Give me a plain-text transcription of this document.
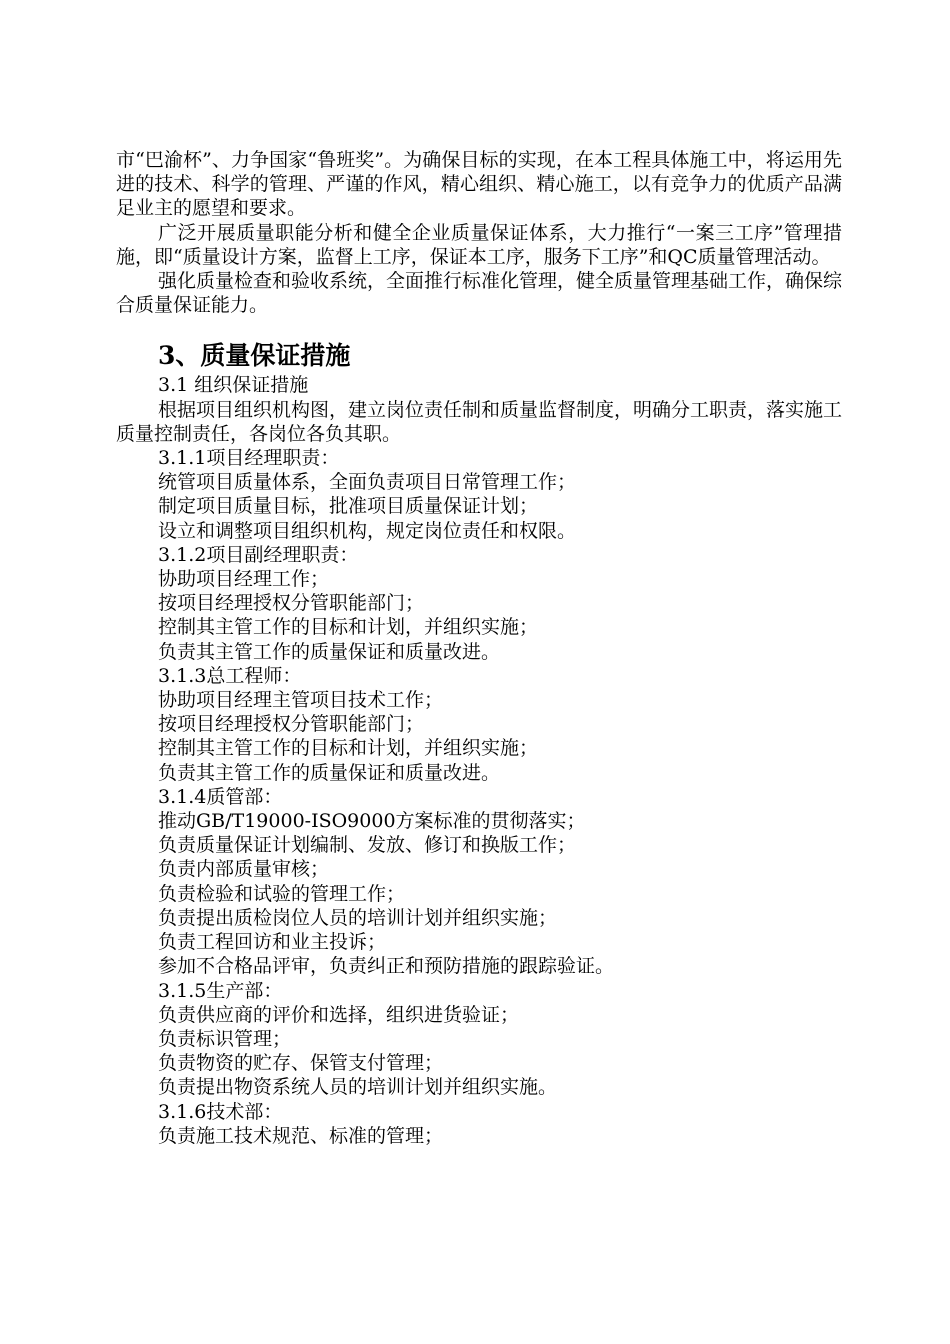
市“巴渝杯”、力争国家“鲁班奖”。为确保目标的实现，在本工程具体施工中，将运用先进的技术、科学的管理、严谨的作风，精心组织、精心施工，以有竞争力的优质产品满足业主的愿望和要求。

广泛开展质量职能分析和健全企业质量保证体系，大力推行“一案三工序”管理措施，即“质量设计方案，监督上工序，保证本工序，服务下工序”和QC质量管理活动。

强化质量检查和验收系统，全面推行标准化管理，健全质量管理基础工作，确保综合质量保证能力。

3、质量保证措施

3.1 组织保证措施

根据项目组织机构图，建立岗位责任制和质量监督制度，明确分工职责，落实施工质量控制责任，各岗位各负其职。

3.1.1项目经理职责：

统管项目质量体系，全面负责项目日常管理工作；

制定项目质量目标，批准项目质量保证计划；

设立和调整项目组织机构，规定岗位责任和权限。

3.1.2项目副经理职责：

协助项目经理工作；

按项目经理授权分管职能部门；

控制其主管工作的目标和计划，并组织实施；

负责其主管工作的质量保证和质量改进。

3.1.3总工程师：

协助项目经理主管项目技术工作；

按项目经理授权分管职能部门；

控制其主管工作的目标和计划，并组织实施；

负责其主管工作的质量保证和质量改进。

3.1.4质管部：

推动GB/T19000-ISO9000方案标准的贯彻落实；

负责质量保证计划编制、发放、修订和换版工作；

负责内部质量审核；

负责检验和试验的管理工作；

负责提出质检岗位人员的培训计划并组织实施；

负责工程回访和业主投诉；

参加不合格品评审，负责纠正和预防措施的跟踪验证。

3.1.5生产部：

负责供应商的评价和选择，组织进货验证；

负责标识管理；

负责物资的贮存、保管支付管理；

负责提出物资系统人员的培训计划并组织实施。

3.1.6技术部：

负责施工技术规范、标准的管理；
